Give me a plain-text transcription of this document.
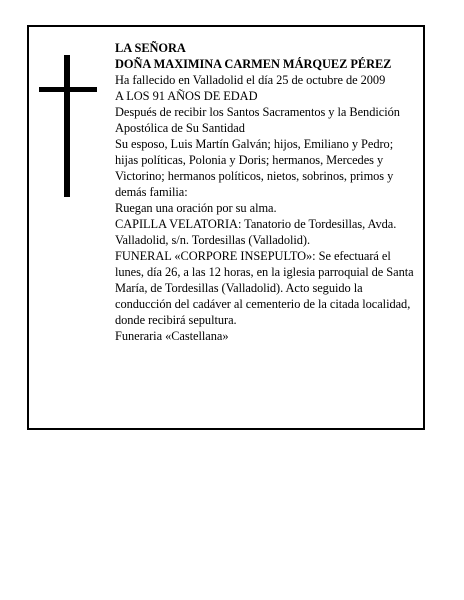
LA SEÑORA

DOÑA MAXIMINA CARMEN MÁRQUEZ PÉREZ

Ha fallecido en Valladolid el día 25 de octubre de 2009

A LOS 91 AÑOS DE EDAD

Después de recibir los Santos Sacramentos y la Bendición Apostólica de Su Santidad

Su esposo, Luis Martín Galván; hijos, Emiliano y Pedro; hijas políticas, Polonia y Doris; hermanos, Mercedes y Victorino; hermanos políticos, nietos, sobrinos, primos y demás familia:

Ruegan una oración por su alma.

CAPILLA VELATORIA: Tanatorio de Tordesillas, Avda. Valladolid, s/n. Tordesillas (Valladolid).

FUNERAL «CORPORE INSEPULTO»: Se efectuará el lunes, día 26, a las 12 horas, en la iglesia parroquial de Santa María, de Tordesillas (Valladolid). Acto seguido la conducción del cadáver al cementerio de la citada localidad, donde recibirá sepultura.

Funeraria «Castellana»
